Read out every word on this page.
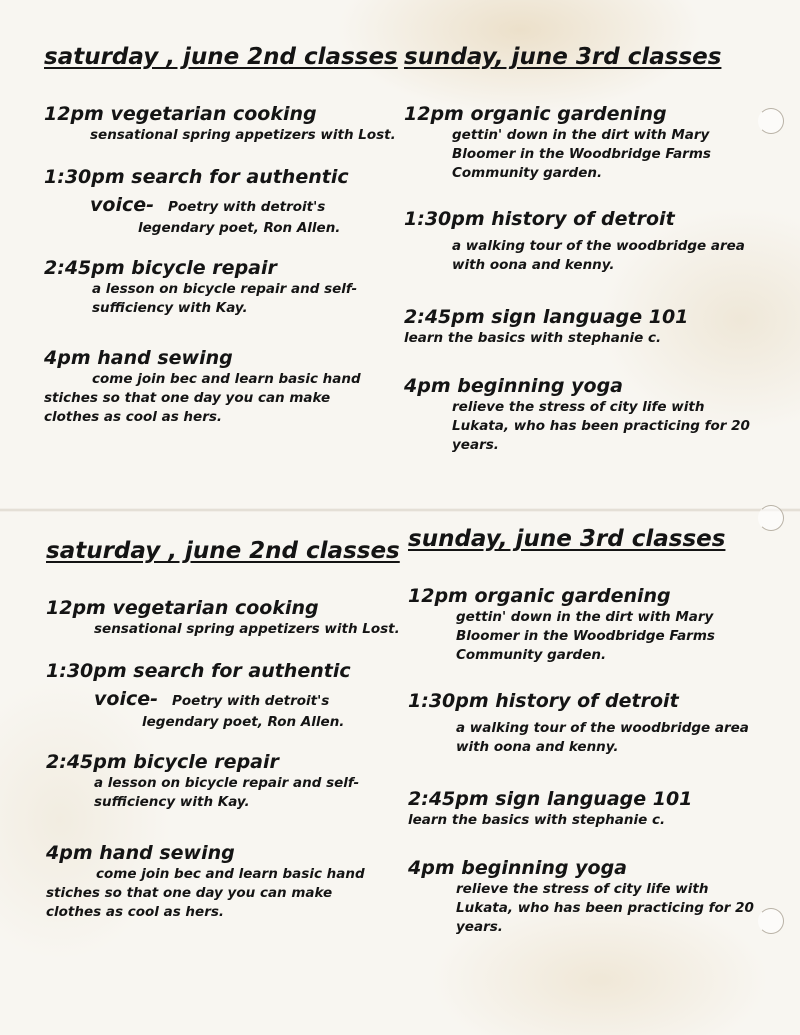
saturday , june 2nd classes
12pm vegetarian cooking
sensational spring appetizers with Lost.
1:30pm search for authentic
voice- Poetry with detroit's
legendary poet, Ron Allen.
2:45pm bicycle repair
a lesson on bicycle repair and self-
sufficiency with Kay.
4pm hand sewing
come join bec and learn basic hand
stiches so that one day you can make
clothes as cool as hers.
sunday, june 3rd classes
12pm organic gardening
gettin' down in the dirt with Mary
Bloomer in the Woodbridge Farms
Community garden.
1:30pm history of detroit
a walking tour of the woodbridge area
with oona and kenny.
2:45pm sign language 101
learn the basics with stephanie c.
4pm beginning yoga
relieve the stress of city life with
Lukata, who has been practicing for 20
years.
saturday , june 2nd classes
12pm vegetarian cooking
sensational spring appetizers with Lost.
1:30pm search for authentic
voice- Poetry with detroit's
legendary poet, Ron Allen.
2:45pm bicycle repair
a lesson on bicycle repair and self-
sufficiency with Kay.
4pm hand sewing
come join bec and learn basic hand
stiches so that one day you can make
clothes as cool as hers.
sunday, june 3rd classes
12pm organic gardening
gettin' down in the dirt with Mary
Bloomer in the Woodbridge Farms
Community garden.
1:30pm history of detroit
a walking tour of the woodbridge area
with oona and kenny.
2:45pm sign language 101
learn the basics with stephanie c.
4pm beginning yoga
relieve the stress of city life with
Lukata, who has been practicing for 20
years.
